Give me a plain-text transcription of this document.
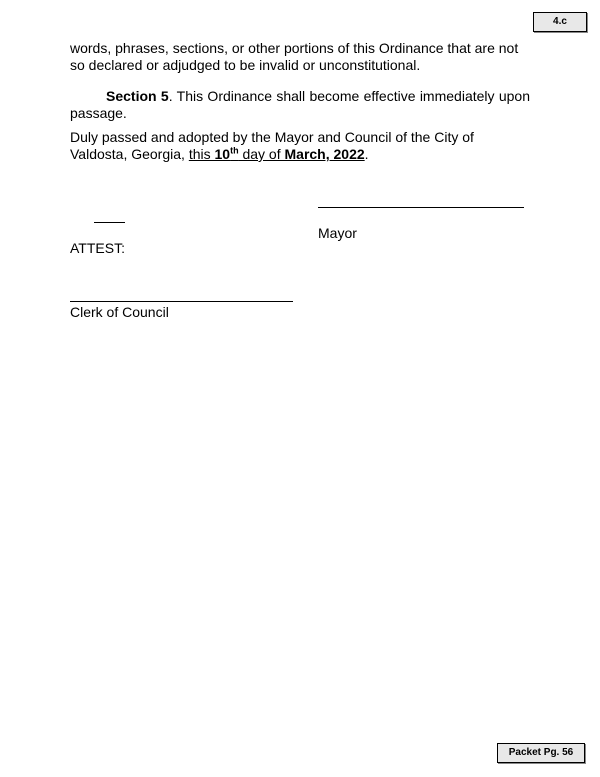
4.c

words, phrases, sections, or other portions of this Ordinance that are not so declared or adjudged to be invalid or unconstitutional.

Section 5. This Ordinance shall become effective immediately upon passage.

Duly passed and adopted by the Mayor and Council of the City of Valdosta, Georgia, this 10th day of March, 2022.

Mayor
ATTEST:
Clerk of Council
Packet Pg. 56
